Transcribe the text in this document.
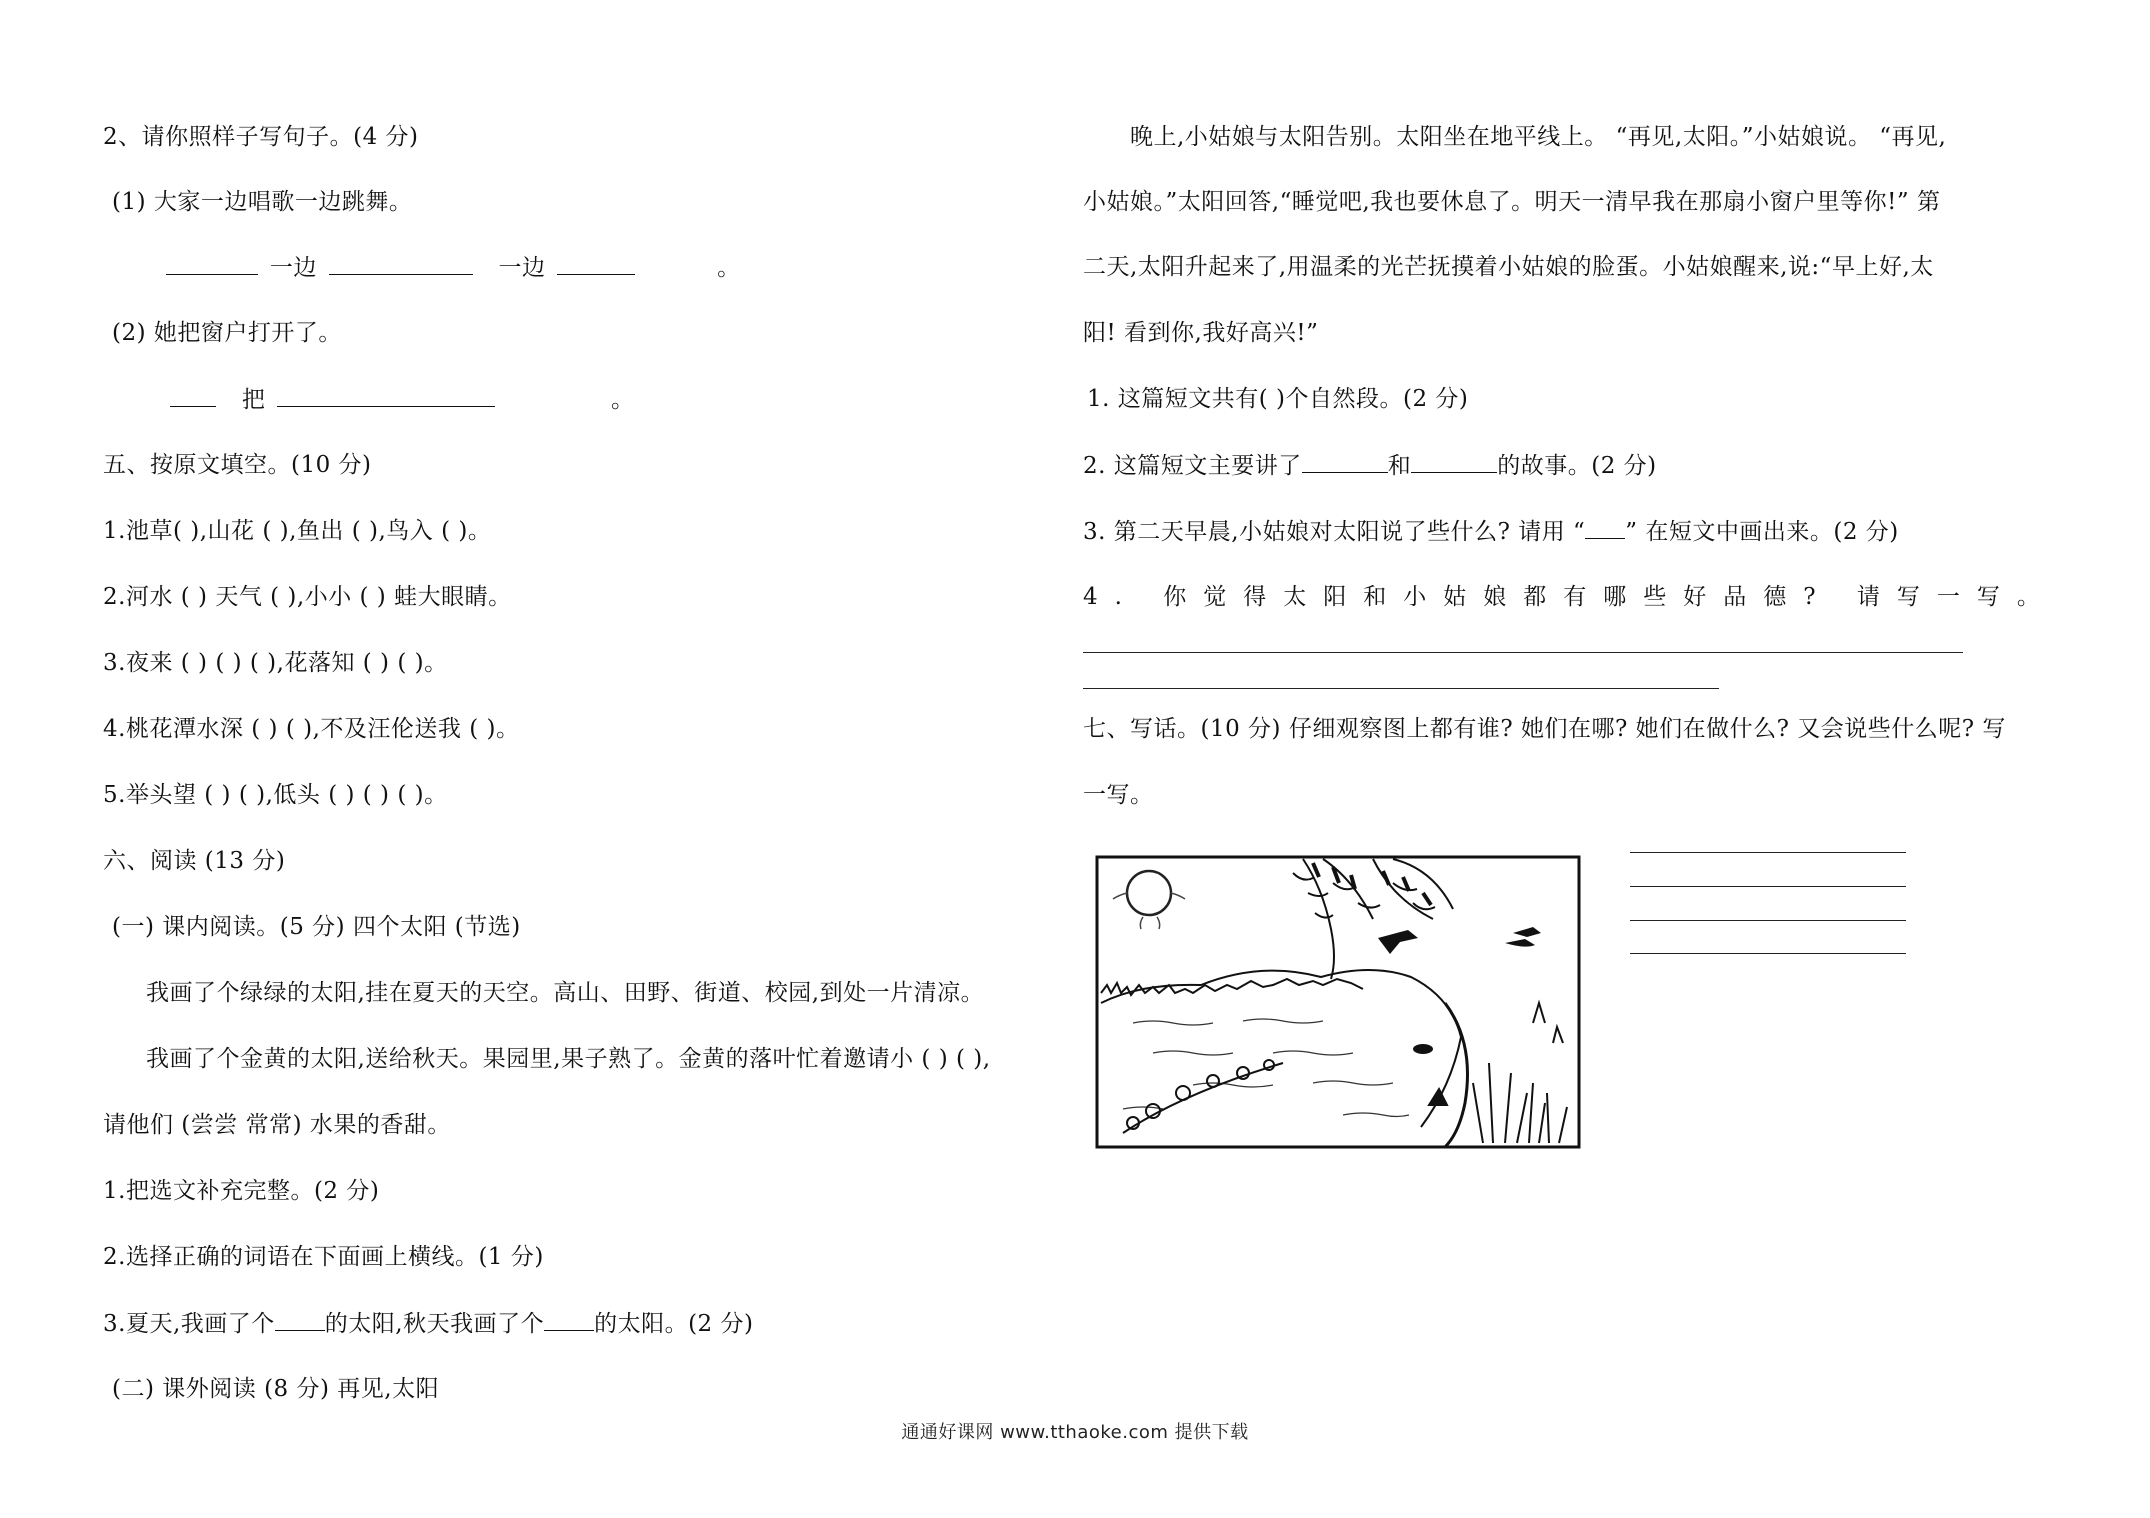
2、请你照样子写句子。(4 分)
(1) 大家一边唱歌一边跳舞。
一边	一边	。
(2) 她把窗户打开了。
把	。
五、按原文填空。(10 分)
1.池草( ),山花 ( ),鱼出 ( ),鸟入 ( )。
2.河水 ( ) 天气 ( ),小小 ( ) 蛙大眼睛。
3.夜来 ( ) ( ) ( ),花落知 ( ) ( )。
4.桃花潭水深 ( ) ( ),不及汪伦送我 ( )。
5.举头望 ( ) ( ),低头 ( ) ( ) ( )。
六、阅读 (13 分)
(一) 课内阅读。(5 分) 四个太阳 (节选)
我画了个绿绿的太阳,挂在夏天的天空。高山、田野、街道、校园,到处一片清凉。
我画了个金黄的太阳,送给秋天。果园里,果子熟了。金黄的落叶忙着邀请小 ( ) ( ),
请他们 (尝尝 常常) 水果的香甜。
1.把选文补充完整。(2 分)
2.选择正确的词语在下面画上横线。(1 分)
3.夏天,我画了个 的太阳,秋天我画了个 的太阳。(2 分)
(二) 课外阅读 (8 分) 再见,太阳
晚上,小姑娘与太阳告别。太阳坐在地平线上。 “再见,太阳。”小姑娘说。 “再见,
小姑娘。”太阳回答,“睡觉吧,我也要休息了。明天一清早我在那扇小窗户里等你!” 第
二天,太阳升起来了,用温柔的光芒抚摸着小姑娘的脸蛋。小姑娘醒来,说:“早上好,太
阳! 看到你,我好高兴!”
1. 这篇短文共有( )个自然段。(2 分)
2. 这篇短文主要讲了	和	的故事。(2 分)
3. 第二天早晨,小姑娘对太阳说了些什么? 请用 “ ” 在短文中画出来。(2 分)
4. 你觉得太阳和小姑娘都有哪些好品德? 请写一写。
七、写话。(10 分) 仔细观察图上都有谁? 她们在哪? 她们在做什么? 又会说些什么呢? 写
一写。
通通好课网 www.tthaoke.com 提供下载
